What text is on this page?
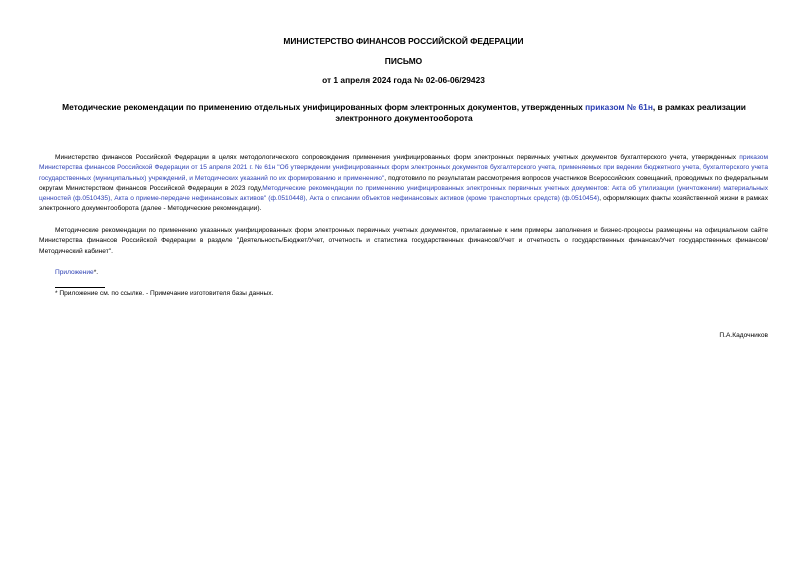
МИНИСТЕРСТВО ФИНАНСОВ РОССИЙСКОЙ ФЕДЕРАЦИИ
ПИСЬМО
от 1 апреля 2024 года № 02-06-06/29423
Методические рекомендации по применению отдельных унифицированных форм электронных документов, утвержденных приказом № 61н, в рамках реализации электронного документооборота
Министерство финансов Российской Федерации в целях методологического сопровождения применения унифицированных форм электронных первичных учетных документов бухгалтерского учета, утвержденных приказом Министерства финансов Российской Федерации от 15 апреля 2021 г. № 61н "Об утверждении унифицированных форм электронных документов бухгалтерского учета, применяемых при ведении бюджетного учета, бухгалтерского учета государственных (муниципальных) учреждений, и Методических указаний по их формированию и применению", подготовило по результатам рассмотрения вопросов участников Всероссийских совещаний, проводимых по федеральным округам Министерством финансов Российской Федерации в 2023 году,Методические рекомендации по применению унифицированных электронных первичных учетных документов: Акта об утилизации (уничтожении) материальных ценностей (ф.0510435), Акта о приеме-передаче нефинансовых активов" (ф.0510448), Акта о списании объектов нефинансовых активов (кроме транспортных средств) (ф.0510454), оформляющих факты хозяйственной жизни в рамках электронного документооборота (далее - Методические рекомендации).
Методические рекомендации по применению указанных унифицированных форм электронных первичных учетных документов, прилагаемые к ним примеры заполнения и бизнес-процессы размещены на официальном сайте Министерства финансов Российской Федерации в разделе "Деятельность/Бюджет/Учет, отчетность и статистика государственных финансов/Учет и отчетность о государственных финансах/Учет государственных финансов/Методический кабинет".
Приложение*.
* Приложение см. по ссылке. - Примечание изготовителя базы данных.
П.А.Кадочников
